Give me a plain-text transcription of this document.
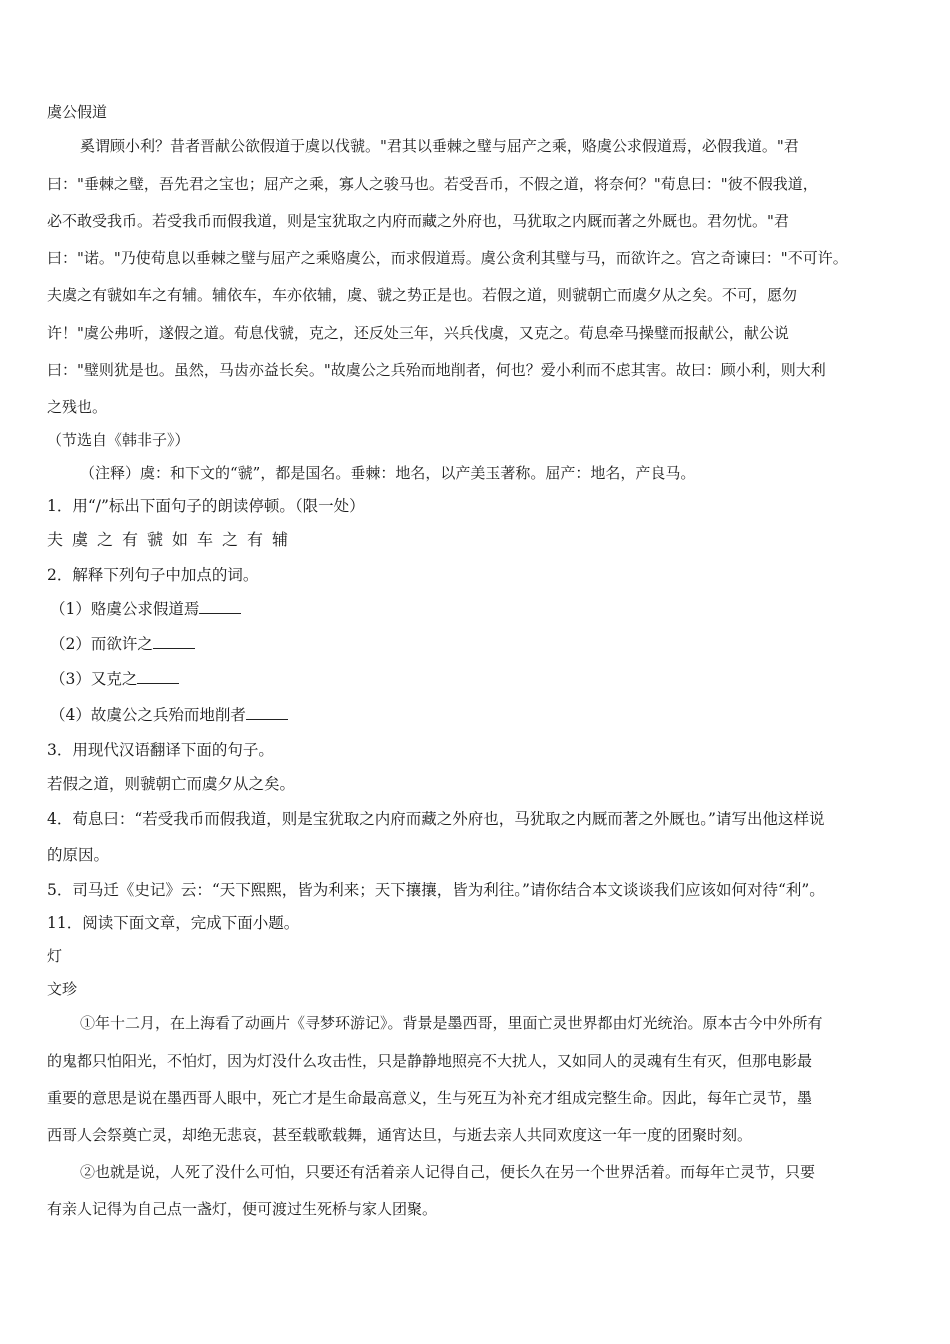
虞公假道
奚谓顾小利？昔者晋献公欲假道于虞以伐虢。"君其以垂棘之璧与屈产之乘，赂虞公求假道焉，必假我道。"君
曰："垂棘之璧，吾先君之宝也；屈产之乘，寡人之骏马也。若受吾币，不假之道，将奈何？"荀息曰："彼不假我道，
必不敢受我币。若受我币而假我道，则是宝犹取之内府而藏之外府也，马犹取之内厩而著之外厩也。君勿忧。"君
曰："诺。"乃使荀息以垂棘之璧与屈产之乘赂虞公，而求假道焉。虞公贪利其璧与马，而欲许之。宫之奇谏曰："不可许。
夫虞之有虢如车之有辅。辅依车，车亦依辅，虞、虢之势正是也。若假之道，则虢朝亡而虞夕从之矣。不可，愿勿
许！"虞公弗听，遂假之道。荀息伐虢，克之，还反处三年，兴兵伐虞，又克之。荀息牵马操璧而报献公，献公说
曰："璧则犹是也。虽然，马齿亦益长矣。"故虞公之兵殆而地削者，何也？爱小利而不虑其害。故曰：顾小利，则大利
之残也。
（节选自《韩非子》）
（注释）虞：和下文的“虢”，都是国名。垂棘：地名，以产美玉著称。屈产：地名，产良马。
1．用“/”标出下面句子的朗读停顿。（限一处）
夫虞之有虢如车之有辅
2．解释下列句子中加点的词。
（1）赂虞公求假道焉
（2）而欲许之
（3）又克之
（4）故虞公之兵殆而地削者
3．用现代汉语翻译下面的句子。
若假之道，则虢朝亡而虞夕从之矣。
4．荀息曰：“若受我币而假我道，则是宝犹取之内府而藏之外府也，马犹取之内厩而著之外厩也。”请写出他这样说
的原因。
5．司马迁《史记》云：“天下熙熙，皆为利来；天下攘攘，皆为利往。”请你结合本文谈谈我们应该如何对待“利”。
11．阅读下面文章，完成下面小题。
灯
文珍
①年十二月，在上海看了动画片《寻梦环游记》。背景是墨西哥，里面亡灵世界都由灯光统治。原本古今中外所有
的鬼都只怕阳光，不怕灯，因为灯没什么攻击性，只是静静地照亮不大扰人，又如同人的灵魂有生有灭，但那电影最
重要的意思是说在墨西哥人眼中，死亡才是生命最高意义，生与死互为补充才组成完整生命。因此，每年亡灵节，墨
西哥人会祭奠亡灵，却绝无悲哀，甚至载歌载舞，通宵达旦，与逝去亲人共同欢度这一年一度的团聚时刻。
②也就是说，人死了没什么可怕，只要还有活着亲人记得自己，便长久在另一个世界活着。而每年亡灵节，只要
有亲人记得为自己点一盏灯，便可渡过生死桥与家人团聚。
